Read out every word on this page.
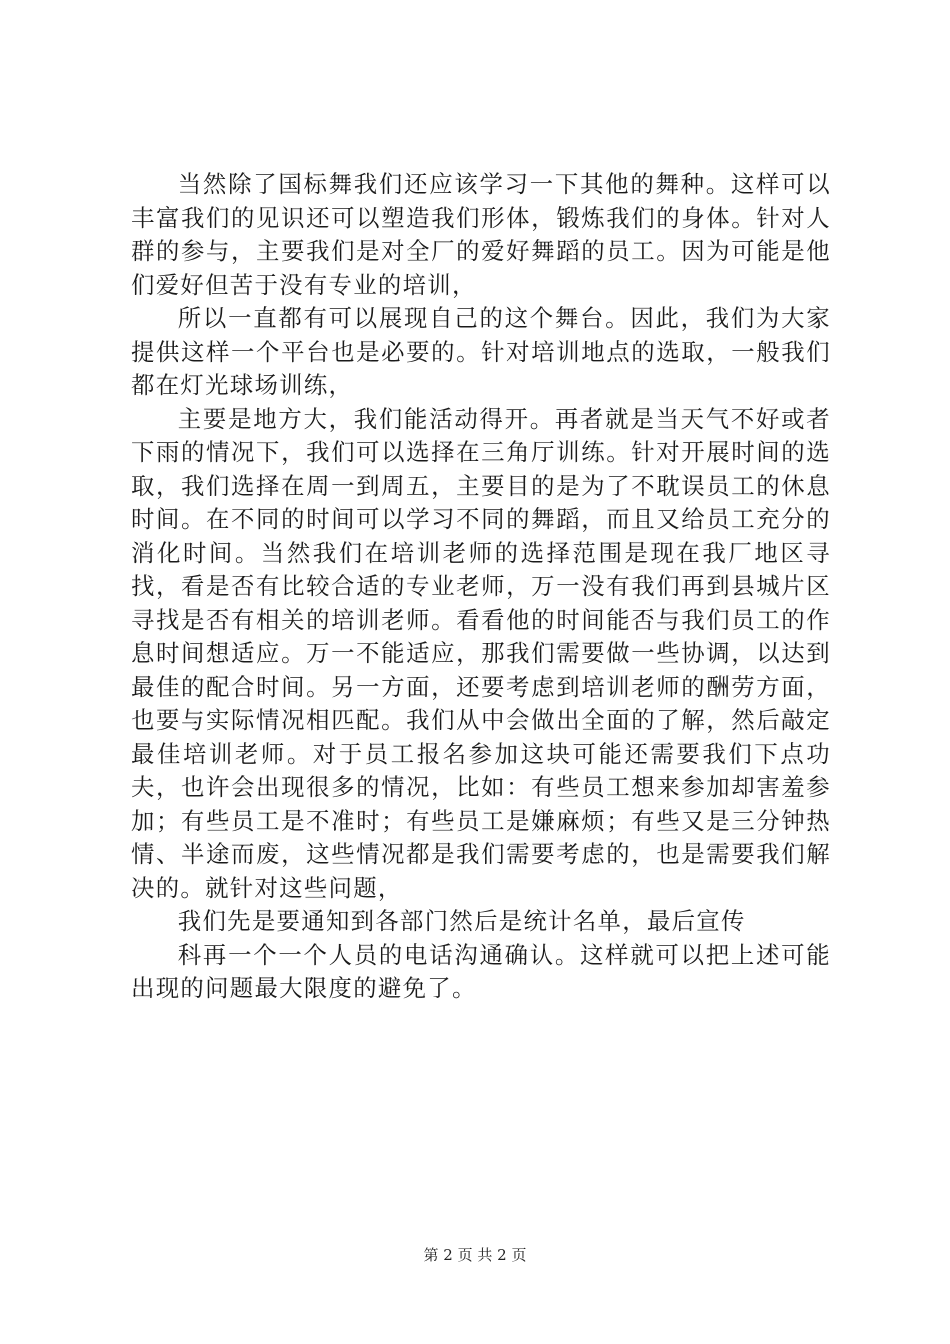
当然除了国标舞我们还应该学习一下其他的舞种。这样可以丰富我们的见识还可以塑造我们形体，锻炼我们的身体。针对人群的参与，主要我们是对全厂的爱好舞蹈的员工。因为可能是他们爱好但苦于没有专业的培训，

所以一直都有可以展现自己的这个舞台。因此，我们为大家提供这样一个平台也是必要的。针对培训地点的选取，一般我们都在灯光球场训练，

主要是地方大，我们能活动得开。再者就是当天气不好或者下雨的情况下，我们可以选择在三角厅训练。针对开展时间的选取，我们选择在周一到周五，主要目的是为了不耽误员工的休息时间。在不同的时间可以学习不同的舞蹈，而且又给员工充分的消化时间。当然我们在培训老师的选择范围是现在我厂地区寻找，看是否有比较合适的专业老师，万一没有我们再到县城片区寻找是否有相关的培训老师。看看他的时间能否与我们员工的作息时间想适应。万一不能适应，那我们需要做一些协调，以达到最佳的配合时间。另一方面，还要考虑到培训老师的酬劳方面，也要与实际情况相匹配。我们从中会做出全面的了解，然后敲定最佳培训老师。对于员工报名参加这块可能还需要我们下点功夫，也许会出现很多的情况，比如：有些员工想来参加却害羞参加；有些员工是不准时；有些员工是嫌麻烦；有些又是三分钟热情、半途而废，这些情况都是我们需要考虑的，也是需要我们解决的。就针对这些问题，

我们先是要通知到各部门然后是统计名单，最后宣传

科再一个一个人员的电话沟通确认。这样就可以把上述可能出现的问题最大限度的避免了。

第 2 页 共 2 页
